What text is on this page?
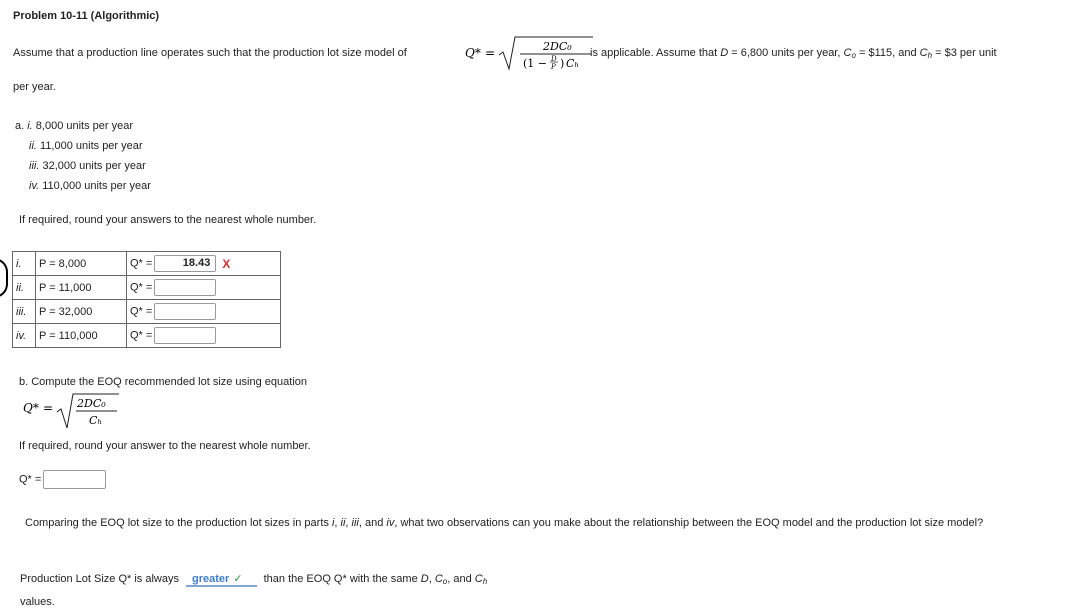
Problem 10-11 (Algorithmic)
Assume that a production line operates such that the production lot size model of	Q* =	2DC₀
(1 − D
P ) Cₕ
is applicable. Assume that D = 6,800 units per year, $C_o$ = $115, and $C_h$ = $3 per unit
per year.
a. i. 8,000 units per year
ii. 11,000 units per year
iii. 32,000 units per year
iv. 110,000 units per year
If required, round your answers to the nearest whole number.
i.	P = 8,000	Q* = 18.43 X
ii.	P = 11,000	Q* =
iii.	P = 32,000	Q* =
iv.	P = 110,000	Q* =
b. Compute the EOQ recommended lot size using equation
Q* = 2DC₀
Cₕ
If required, round your answer to the nearest whole number.
Q* =
Comparing the EOQ lot size to the production lot sizes in parts i, ii, iii, and iv, what two observations can you make about the relationship between the EOQ model and the production lot size model?
Production Lot Size Q* is always greater ✓ than the EOQ Q* with the same D, $C_o$, and $C_h$
values.
